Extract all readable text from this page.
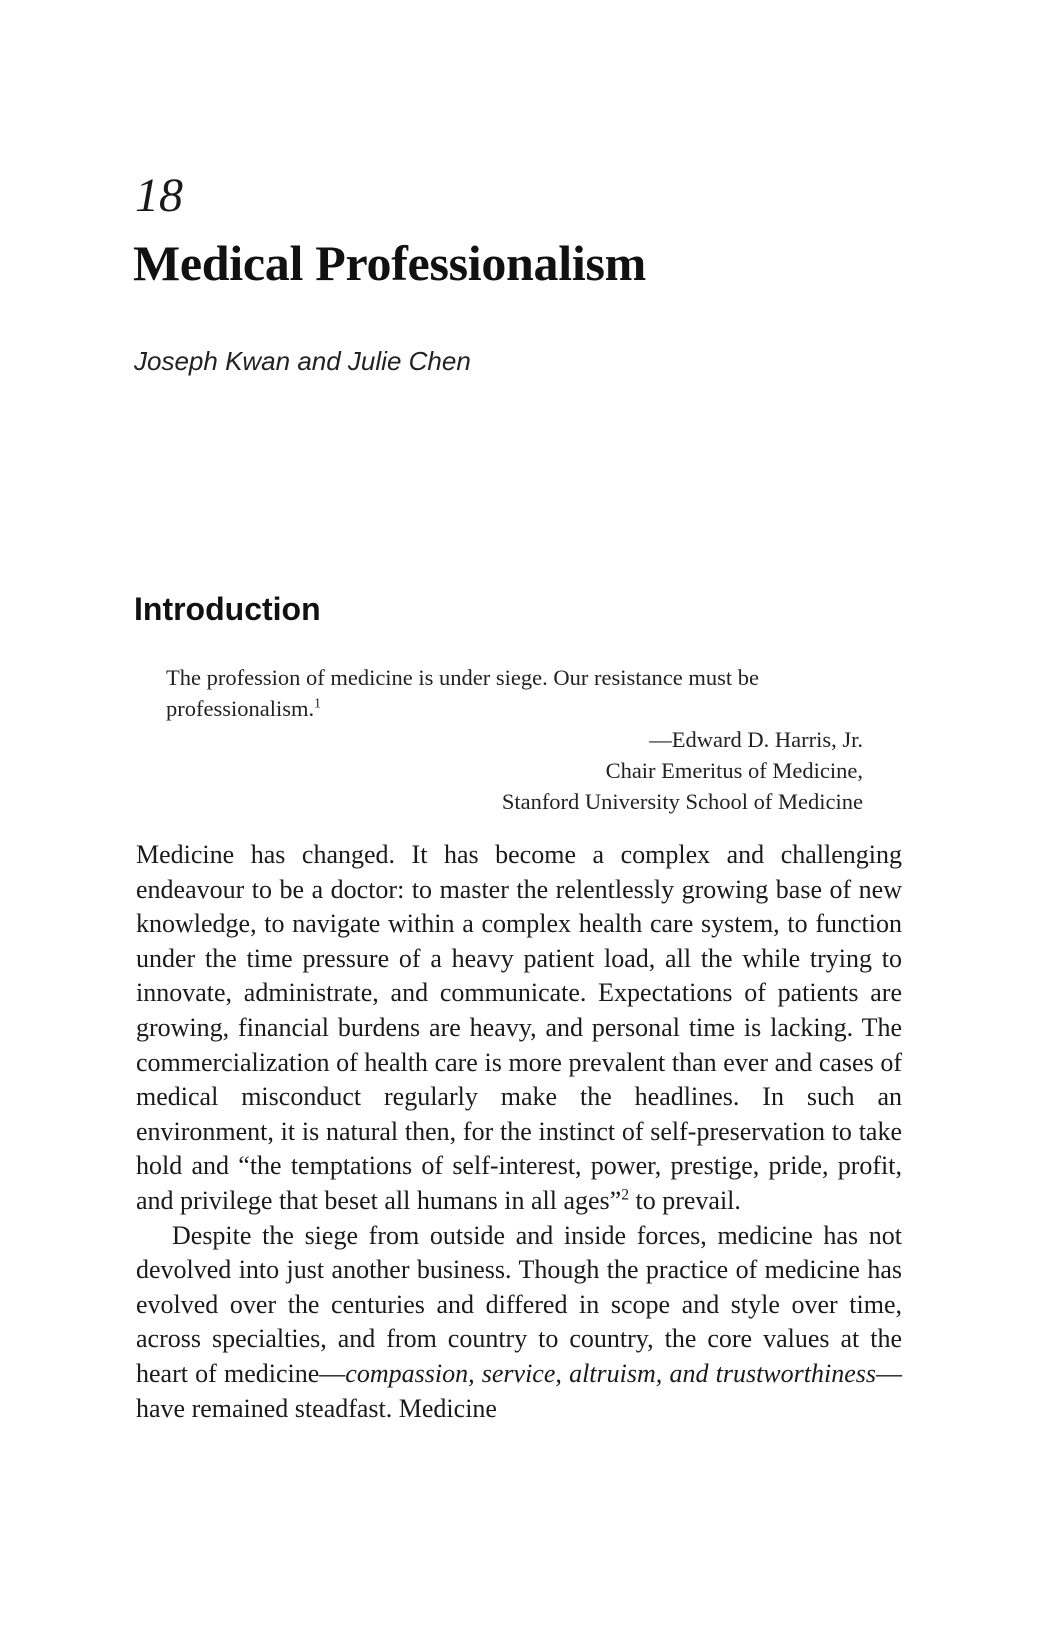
18
Medical Professionalism
Joseph Kwan and Julie Chen
Introduction

The profession of medicine is under siege. Our resistance must be professionalism.$^1$

—Edward D. Harris, Jr.

Chair Emeritus of Medicine,

Stanford University School of Medicine

Medicine has changed. It has become a complex and challenging endeavour to be a doctor: to master the relentlessly growing base of new knowledge, to navigate within a complex health care system, to function under the time pressure of a heavy patient load, all the while trying to innovate, administrate, and communicate. Expectations of patients are growing, financial burdens are heavy, and personal time is lacking. The commercialization of health care is more prevalent than ever and cases of medical misconduct regularly make the headlines. In such an environment, it is natural then, for the instinct of self-preservation to take hold and “the temptations of self-interest, power, prestige, pride, profit, and privilege that beset all humans in all ages”$^2$ to prevail.

Despite the siege from outside and inside forces, medicine has not devolved into just another business. Though the practice of medicine has evolved over the centuries and differed in scope and style over time, across specialties, and from country to country, the core values at the heart of medicine—compassion, service, altruism, and trustworthiness—have remained steadfast. Medicine
